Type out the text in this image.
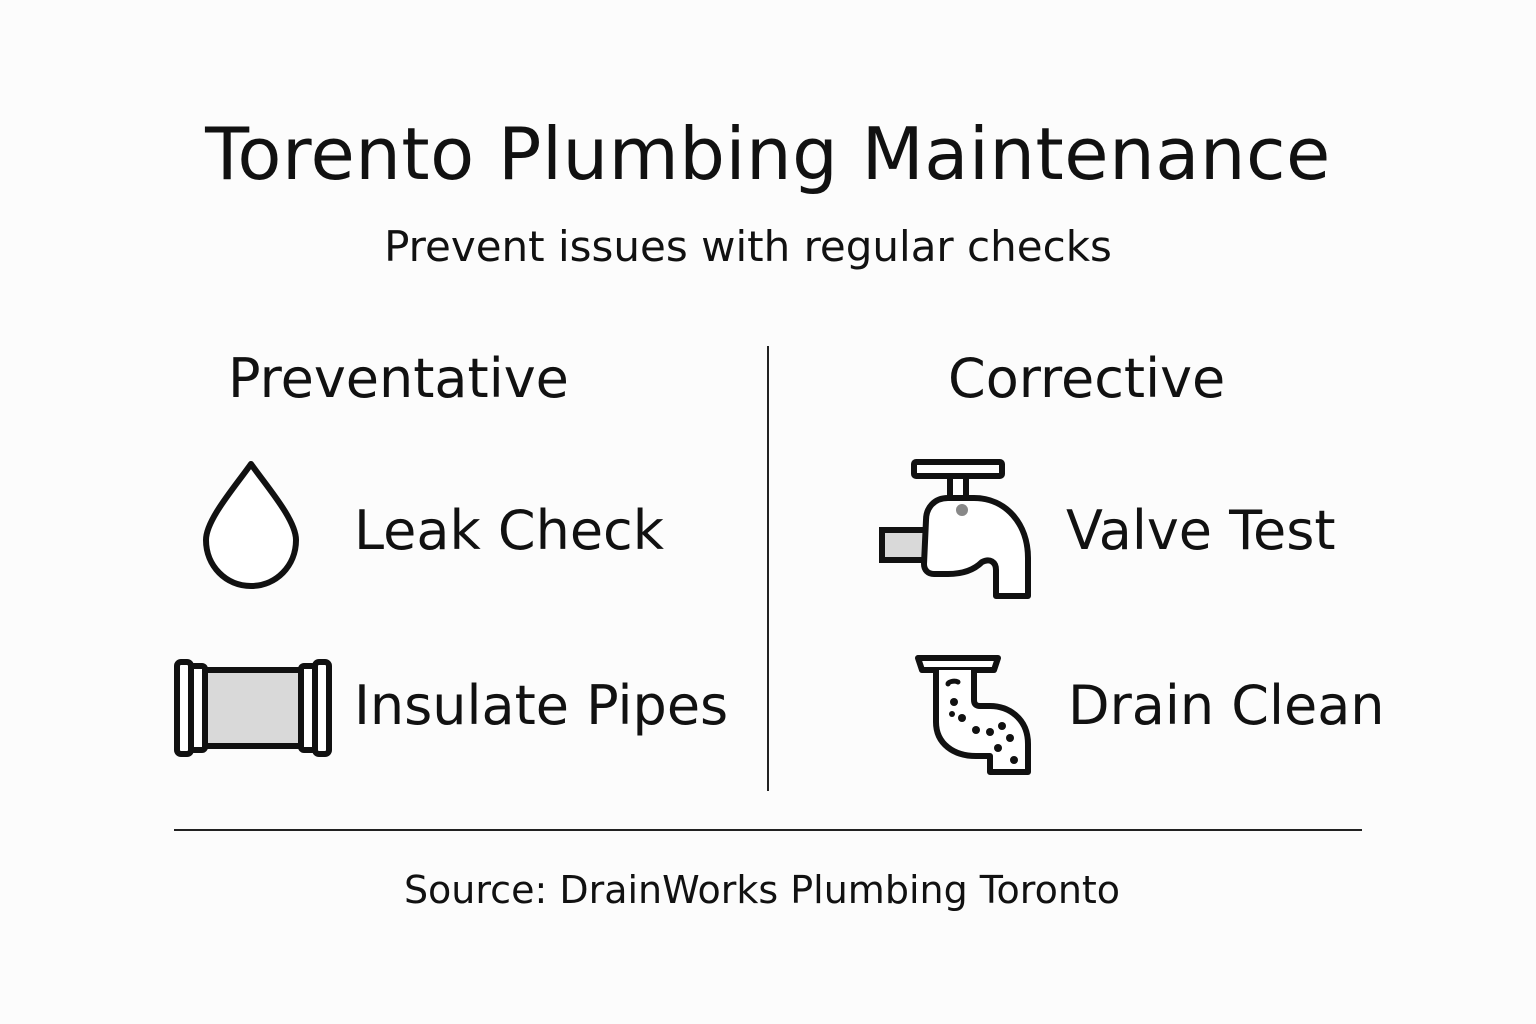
Torento Plumbing Maintenance
Prevent issues with regular checks
Preventative
Leak Check
Insulate Pipes
Corrective
Valve Test
Drain Clean
Source: DrainWorks Plumbing Toronto
